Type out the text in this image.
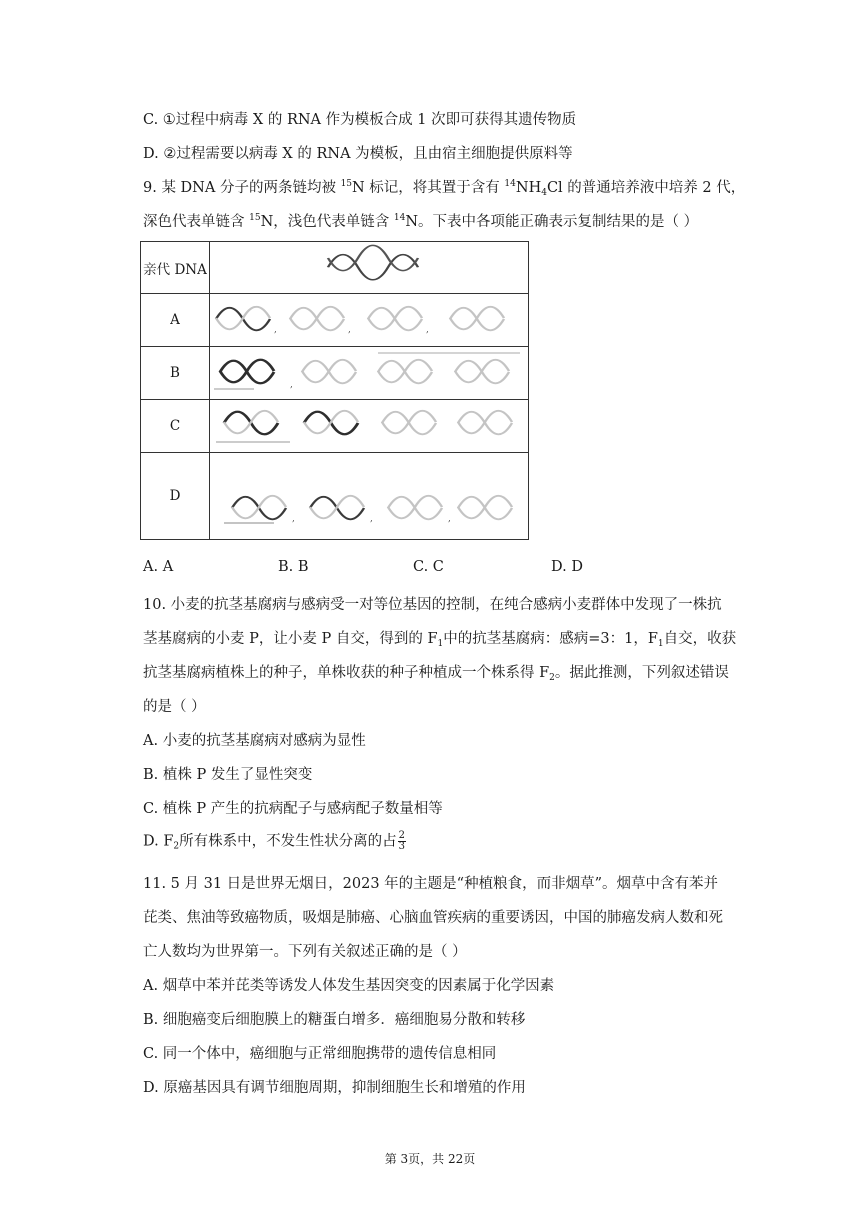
C. ①过程中病毒 X 的 RNA 作为模板合成 1 次即可获得其遗传物质
D. ②过程需要以病毒 X 的 RNA 为模板，且由宿主细胞提供原料等
9. 某 DNA 分子的两条链均被 $^{15}$N 标记，将其置于含有 $^{14}NH_4Cl$ 的普通培养液中培养 2 代，
深色代表单链含 $^{15}$N，浅色代表单链含 $^{14}$N。下表中各项能正确表示复制结果的是（ ）
亲代 DNA	
A	, , ,

B	,

C	
D	, , ,
A. A	B. B	C. C	D. D
10. 小麦的抗茎基腐病与感病受一对等位基因的控制，在纯合感病小麦群体中发现了一株抗
茎基腐病的小麦 P，让小麦 P 自交，得到的 $F_1$中的抗茎基腐病：感病=3：1，$F_1$自交，收获
抗茎基腐病植株上的种子，单株收获的种子种植成一个株系得 $F_2$。据此推测，下列叙述错误
的是（ ）
A. 小麦的抗茎基腐病对感病为显性
B. 植株 P 发生了显性突变
C. 植株 P 产生的抗病配子与感病配子数量相等
D. $F_2$所有株系中，不发生性状分离的占 $\frac{2}{3}$
11. 5 月 31 日是世界无烟日，2023 年的主题是“种植粮食，而非烟草”。烟草中含有苯并
芘类、焦油等致癌物质，吸烟是肺癌、心脑血管疾病的重要诱因，中国的肺癌发病人数和死
亡人数均为世界第一。下列有关叙述正确的是（ ）
A. 烟草中苯并芘类等诱发人体发生基因突变的因素属于化学因素
B. 细胞癌变后细胞膜上的糖蛋白增多．癌细胞易分散和转移
C. 同一个体中，癌细胞与正常细胞携带的遗传信息相同
D. 原癌基因具有调节细胞周期，抑制细胞生长和增殖的作用
第 3页，共 22页
